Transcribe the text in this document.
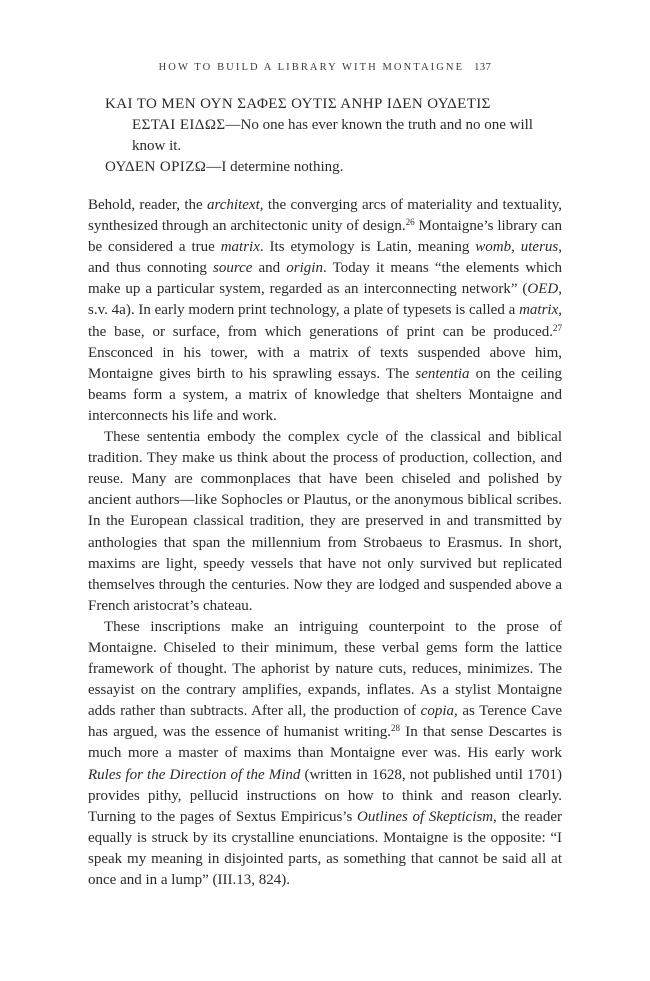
HOW TO BUILD A LIBRARY WITH MONTAIGNE 137

ΚΑΙ ΤΟ ΜΕΝ ΟΥΝ ΣΑΦΕΣ ΟΥΤΙΣ ΑΝΗΡ ΙΔΕΝ ΟΥΔΕΤΙΣ
ΕΣΤΑΙ ΕΙΔΩΣ—No one has ever known the truth and no one will know it.

ΟΥΔΕΝ ΟΡΙΖΩ—I determine nothing.

Behold, reader, the architext, the converging arcs of materiality and textuality, synthesized through an architectonic unity of design.$^{26}$ Montaigne’s library can be considered a true matrix. Its etymology is Latin, meaning womb, uterus, and thus connoting source and origin. Today it means “the elements which make up a particular system, regarded as an interconnecting network” (OED, s.v. 4a). In early modern print technology, a plate of typesets is called a matrix, the base, or surface, from which generations of print can be produced.$^{27}$ Ensconced in his tower, with a matrix of texts suspended above him, Montaigne gives birth to his sprawling essays. The sententia on the ceiling beams form a system, a matrix of knowledge that shelters Montaigne and interconnects his life and work.

These sententia embody the complex cycle of the classical and biblical tradition. They make us think about the process of production, collection, and reuse. Many are commonplaces that have been chiseled and polished by ancient authors—like Sophocles or Plautus, or the anonymous biblical scribes. In the European classical tradition, they are preserved in and transmitted by anthologies that span the millennium from Strobaeus to Erasmus. In short, maxims are light, speedy vessels that have not only survived but replicated themselves through the centuries. Now they are lodged and suspended above a French aristocrat’s chateau.

These inscriptions make an intriguing counterpoint to the prose of Montaigne. Chiseled to their minimum, these verbal gems form the lattice framework of thought. The aphorist by nature cuts, reduces, minimizes. The essayist on the contrary amplifies, expands, inflates. As a stylist Montaigne adds rather than subtracts. After all, the production of copia, as Terence Cave has argued, was the essence of humanist writing.$^{28}$ In that sense Descartes is much more a master of maxims than Montaigne ever was. His early work Rules for the Direction of the Mind (written in 1628, not published until 1701) provides pithy, pellucid instructions on how to think and reason clearly. Turning to the pages of Sextus Empiricus’s Outlines of Skepticism, the reader equally is struck by its crystalline enunciations. Montaigne is the opposite: “I speak my meaning in disjointed parts, as something that cannot be said all at once and in a lump” (III.13, 824).
